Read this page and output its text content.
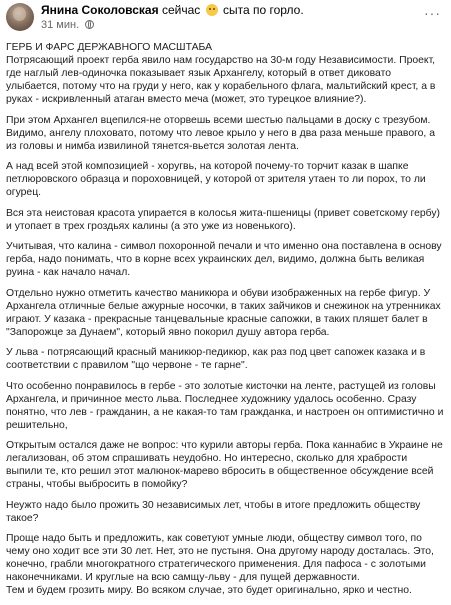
Янина Соколовская сейчас сыта по горло.
31 мин.
···

ГЕРБ И ФАРС ДЕРЖАВНОГО МАСШТАБА
Потрясающий проект герба явило нам государство на 30-м году Независимости. Проект, где наглый лев-одиночка показывает язык Архангелу, который в ответ диковато улыбается, потому что на груди у него, как у корабельного флага, мальтийский крест, а в руках - искривленный атаган вместо меча (может, это турецкое влияние?).

При этом Архангел вцепился-не оторвешь всеми шестью пальцами в доску с трезубом. Видимо, ангелу плоховато, потому что левое крыло у него в два раза меньше правого, а из головы и нимба извилиной тянется-вьется золотая лента.

А над всей этой композицией - хоругвь, на которой почему-то торчит казак в шапке петлюровского образца и пороховницей, у которой от зрителя утаен то ли порох, то ли огурец.

Вся эта неистовая красота упирается в колосья жита-пшеницы (привет советскому гербу) и утопает в трех гроздьях калины (а это уже из новенького).

Учитывая, что калина - символ похоронной печали и что именно она поставлена в основу герба, надо понимать, что в корне всех украинских дел, видимо, должна быть великая руина - как начало начал.

Отдельно нужно отметить качество маникюра и обуви изображенных на гербе фигур. У Архангела отличные белые ажурные носочки, в таких зайчиков и снежинок на утренниках играют. У казака - прекрасные танцевальные красные сапожки, в таких пляшет балет в "Запорожце за Дунаем", который явно покорил душу автора герба.

У льва - потрясающий красный маникюр-педикюр, как раз под цвет сапожек казака и в соответствии с правилом "що червоне - те гарне".

Что особенно понравилось в гербе - это золотые кисточки на ленте, растущей из головы Архангела, и причинное место льва. Последнее художнику удалось особенно. Сразу понятно, что лев - гражданин, а не какая-то там гражданка, и настроен он оптимистично и решительно,

Открытым остался даже не вопрос: что курили авторы герба. Пока каннабис в Украине не легализован, об этом спрашивать неудобно. Но интересно, сколько для храбрости выпили те, кто решил этот малюнок-марево вбросить в общественное обсуждение всей страны, чтобы выбросить в помойку?

Неужто надо было прожить 30 независимых лет, чтобы в итоге предложить обществу такое?

Проще надо быть и предложить, как советуют умные люди, обществу символ того, по чему оно ходит все эти 30 лет. Нет, это не пустыня. Она другому народу досталась. Это, конечно, грабли многократного стратегического применения. Для пафоса - с золотыми наконечниками. И круглые на всю самщу-львy - для пущей державности.

Тем и будем грозить миру. Во всяком случае, это будет оригинально, ярко и честно.
